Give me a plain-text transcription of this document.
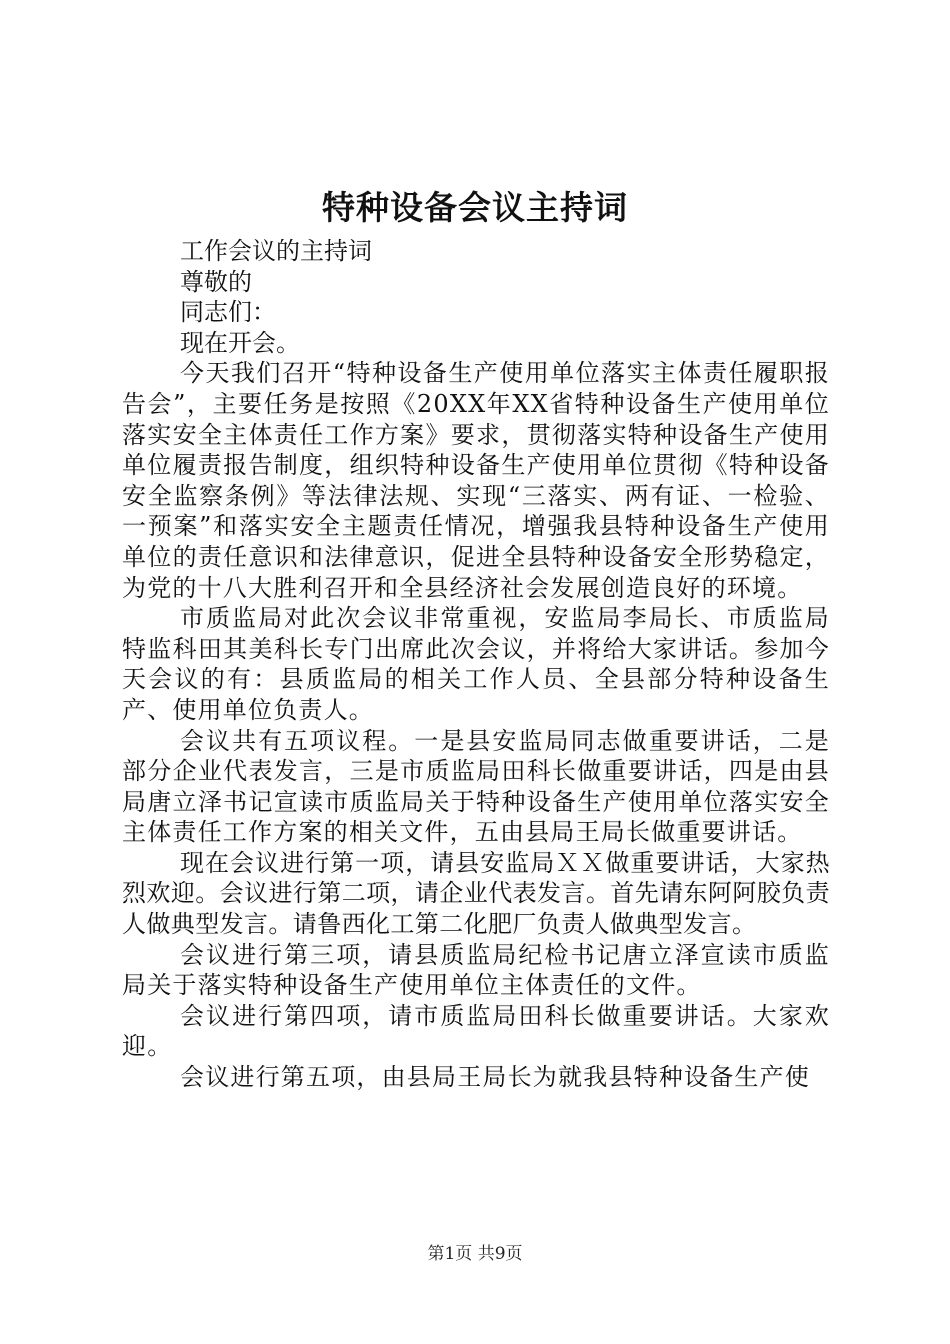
特种设备会议主持词

工作会议的主持词

尊敬的

同志们：

现在开会。

今天我们召开“特种设备生产使用单位落实主体责任履职报告会”，主要任务是按照《20XX年XX省特种设备生产使用单位落实安全主体责任工作方案》要求，贯彻落实特种设备生产使用单位履责报告制度，组织特种设备生产使用单位贯彻《特种设备安全监察条例》等法律法规、实现“三落实、两有证、一检验、一预案”和落实安全主题责任情况，增强我县特种设备生产使用单位的责任意识和法律意识，促进全县特种设备安全形势稳定，为党的十八大胜利召开和全县经济社会发展创造良好的环境。

市质监局对此次会议非常重视，安监局李局长、市质监局特监科田其美科长专门出席此次会议，并将给大家讲话。参加今天会议的有：县质监局的相关工作人员、全县部分特种设备生产、使用单位负责人。

会议共有五项议程。一是县安监局同志做重要讲话，二是部分企业代表发言，三是市质监局田科长做重要讲话，四是由县局唐立泽书记宣读市质监局关于特种设备生产使用单位落实安全主体责任工作方案的相关文件，五由县局王局长做重要讲话。

现在会议进行第一项，请县安监局ＸＸ做重要讲话，大家热烈欢迎。会议进行第二项，请企业代表发言。首先请东阿阿胶负责人做典型发言。请鲁西化工第二化肥厂负责人做典型发言。

会议进行第三项，请县质监局纪检书记唐立泽宣读市质监局关于落实特种设备生产使用单位主体责任的文件。

会议进行第四项，请市质监局田科长做重要讲话。大家欢迎。

会议进行第五项，由县局王局长为就我县特种设备生产使

第1页 共9页
